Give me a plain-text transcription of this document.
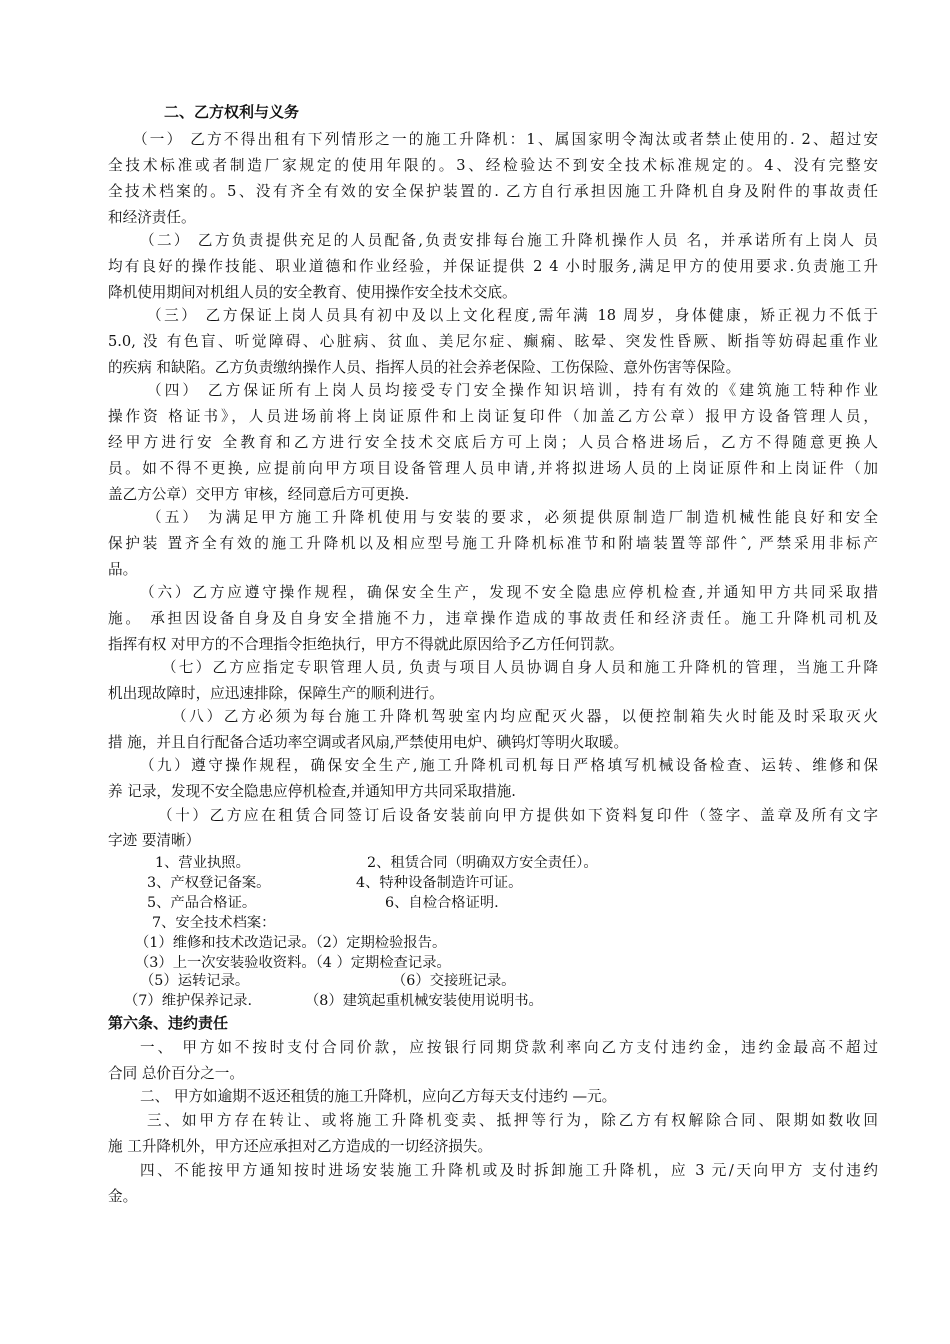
二、乙方权利与义务
（一） 乙方不得出租有下列情形之一的施工升降机：1、属国家明令淘汰或者禁止使用的. 2、超过安
全技术标准或者制造厂家规定的使用年限的。3、经检验达不到安全技术标准规定的。4、没有完整安
全技术档案的。5、没有齐全有效的安全保护装置的. 乙方自行承担因施工升降机自身及附件的事故责任
和经济责任。
（二） 乙方负责提供充足的人员配备,负责安排每台施工升降机操作人员 名，并承诺所有上岗人 员
均有良好的操作技能、职业道德和作业经验，并保证提供 2 4 小时服务,满足甲方的使用要求.负责施工升
降机使用期间对机组人员的安全教育、使用操作安全技术交底。
（三） 乙方保证上岗人员具有初中及以上文化程度,需年满 18 周岁，身体健康，矫正视力不低于
5.0, 没 有色盲、听觉障碍、心脏病、贫血、美尼尔症、癫痫、眩晕、突发性昏厥、断指等妨碍起重作业
的疾病 和缺陷。乙方负责缴纳操作人员、指挥人员的社会养老保险、工伤保险、意外伤害等保险。
（四） 乙方保证所有上岗人员均接受专门安全操作知识培训，持有有效的《建筑施工特种作业
操作资 格证书》，人员进场前将上岗证原件和上岗证复印件（加盖乙方公章）报甲方设备管理人员，
经甲方进行安 全教育和乙方进行安全技术交底后方可上岗；人员合格进场后，乙方不得随意更换人
员。如不得不更换, 应提前向甲方项目设备管理人员申请,并将拟进场人员的上岗证原件和上岗证件（加
盖乙方公章）交甲方 审核，经同意后方可更换.
（五） 为满足甲方施工升降机使用与安装的要求，必须提供原制造厂制造机械性能良好和安全
保护装 置齐全有效的施工升降机以及相应型号施工升降机标准节和附墙装置等部件ˆ, 严禁采用非标产
品。
（六）乙方应遵守操作规程，确保安全生产，发现不安全隐患应停机检查,并通知甲方共同采取措
施。 承担因设备自身及自身安全措施不力，违章操作造成的事故责任和经济责任。施工升降机司机及
指挥有权 对甲方的不合理指令拒绝执行，甲方不得就此原因给予乙方任何罚款。
（七）乙方应指定专职管理人员, 负责与项目人员协调自身人员和施工升降机的管理，当施工升降
机出现故障时，应迅速排除，保障生产的顺利进行。
（八）乙方必须为每台施工升降机驾驶室内均应配灭火器，以便控制箱失火时能及时采取灭火
措 施，并且自行配备合适功率空调或者风扇,严禁使用电炉、碘钨灯等明火取暖。
（九）遵守操作规程，确保安全生产,施工升降机司机每日严格填写机械设备检查、运转、维修和保
养 记录，发现不安全隐患应停机检查,并通知甲方共同采取措施.
（十）乙方应在租赁合同签订后设备安装前向甲方提供如下资料复印件（签字、盖章及所有文字
字迹 要清晰）
1、营业执照。	2、租赁合同（明确双方安全责任）。
3、产权登记备案。	4、特种设备制造许可证。
5、产品合格证。	6、自检合格证明.
7、安全技术档案：
（1）维修和技术改造记录。（2）定期检验报告。
（3）上一次安装验收资料。（4 ）定期检查记录。
（5）运转记录。	（6）交接班记录。
（7）维护保养记录.	（8）建筑起重机械安装使用说明书。
第六条、违约责任
一、 甲方如不按时支付合同价款，应按银行同期贷款利率向乙方支付违约金，违约金最高不超过
合同 总价百分之一。
二、 甲方如逾期不返还租赁的施工升降机，应向乙方每天支付违约 —元。
三、如甲方存在转让、或将施工升降机变卖、抵押等行为，除乙方有权解除合同、限期如数收回
施 工升降机外，甲方还应承担对乙方造成的一切经济损失。
四、不能按甲方通知按时进场安装施工升降机或及时拆卸施工升降机，应 3 元/天向甲方 支付违约
金。
